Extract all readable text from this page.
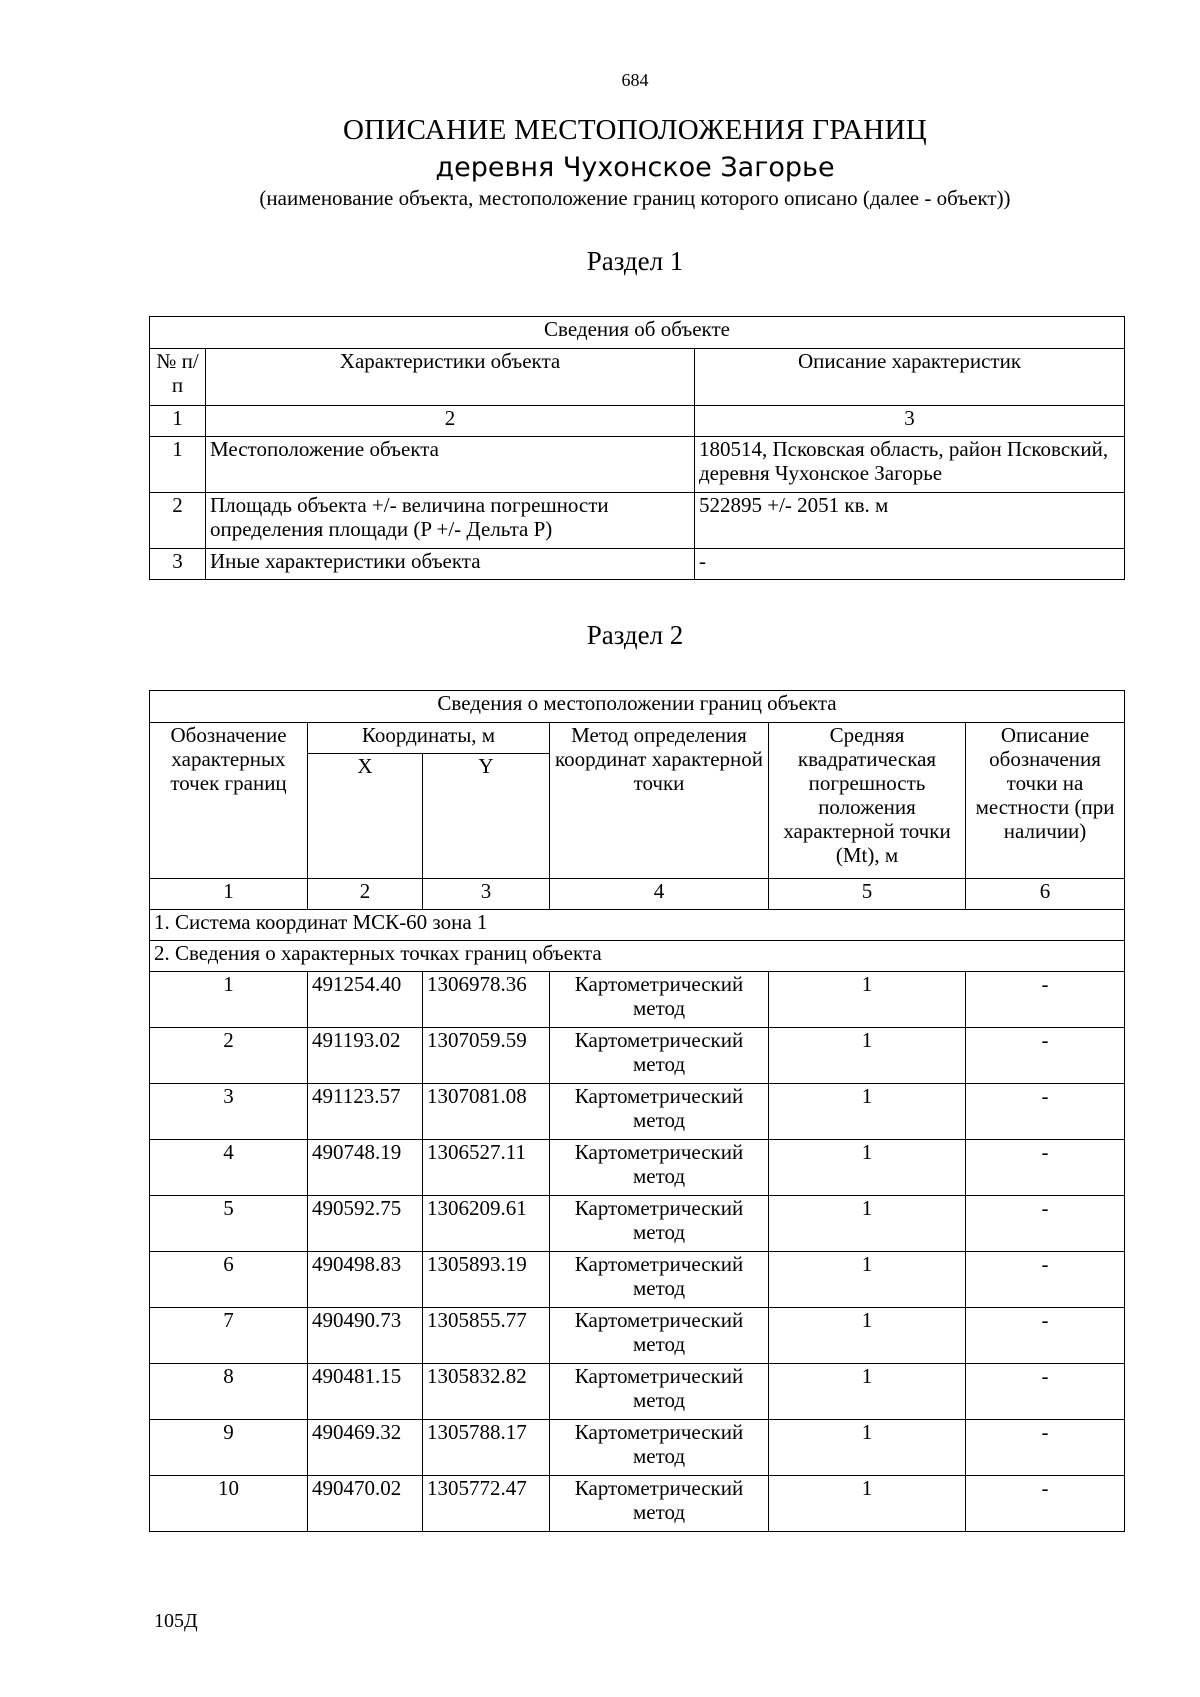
684
ОПИСАНИЕ МЕСТОПОЛОЖЕНИЯ ГРАНИЦ
деревня Чухонское Загорье
(наименование объекта, местоположение границ которого описано (далее - объект))
Раздел 1
Сведения об объекте		
№ п/п	Характеристики объекта	Описание характеристик
1	2	3
1	Местоположение объекта	180514, Псковская область, район Псковский, деревня Чухонское Загорье
2	Площадь объекта +/- величина погрешности определения площади (P +/- Дельта P)	522895 +/- 2051 кв. м
3	Иные характеристики объекта	-
Раздел 2
Сведения о местоположении границ объекта					
Обозначение характерных точек границ	Координаты, м		Метод определения координат характерной точки	Средняя квадратическая погрешность положения характерной точки (Mt), м	Описание обозначения точки на местности (при наличии)
	X	Y			
1	2	3	4	5	6
1. Система координат МСК-60 зона 1					
2. Сведения о характерных точках границ объекта					
1	491254.40	1306978.36	Картометрический метод	1	-
2	491193.02	1307059.59	Картометрический метод	1	-
3	491123.57	1307081.08	Картометрический метод	1	-
4	490748.19	1306527.11	Картометрический метод	1	-
5	490592.75	1306209.61	Картометрический метод	1	-
6	490498.83	1305893.19	Картометрический метод	1	-
7	490490.73	1305855.77	Картометрический метод	1	-
8	490481.15	1305832.82	Картометрический метод	1	-
9	490469.32	1305788.17	Картометрический метод	1	-
10	490470.02	1305772.47	Картометрический метод	1	-
105Д
